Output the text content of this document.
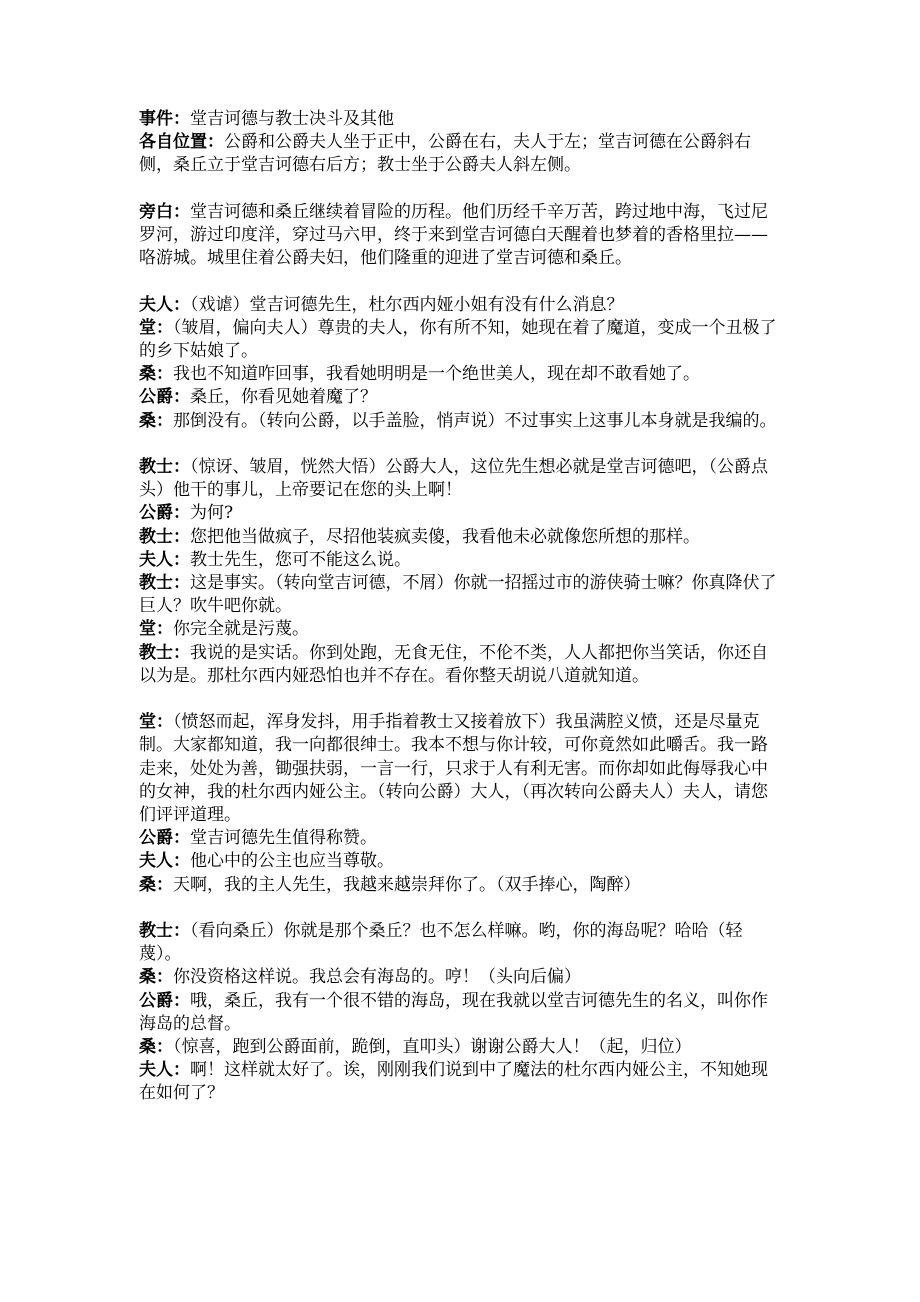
事件：堂吉诃德与教士决斗及其他

各自位置：公爵和公爵夫人坐于正中，公爵在右，夫人于左；堂吉诃德在公爵斜右侧，桑丘立于堂吉诃德右后方；教士坐于公爵夫人斜左侧。

旁白：堂吉诃德和桑丘继续着冒险的历程。他们历经千辛万苦，跨过地中海，飞过尼罗河，游过印度洋，穿过马六甲，终于来到堂吉诃德白天醒着也梦着的香格里拉——咯游城。城里住着公爵夫妇，他们隆重的迎进了堂吉诃德和桑丘。

夫人：（戏谑）堂吉诃德先生，杜尔西内娅小姐有没有什么消息？

堂：（皱眉，偏向夫人）尊贵的夫人，你有所不知，她现在着了魔道，变成一个丑极了的乡下姑娘了。

桑：我也不知道咋回事，我看她明明是一个绝世美人，现在却不敢看她了。

公爵：桑丘，你看见她着魔了？

桑：那倒没有。（转向公爵，以手盖脸，悄声说）不过事实上这事儿本身就是我编的。

教士：（惊讶、皱眉，恍然大悟）公爵大人，这位先生想必就是堂吉诃德吧，（公爵点头）他干的事儿，上帝要记在您的头上啊！

公爵：为何?

教士：您把他当做疯子，尽招他装疯卖傻，我看他未必就像您所想的那样。

夫人：教士先生，您可不能这么说。

教士：这是事实。（转向堂吉诃德，不屑）你就一招摇过市的游侠骑士嘛？你真降伏了巨人？吹牛吧你就。

堂：你完全就是污蔑。

教士：我说的是实话。你到处跑，无食无住，不伦不类，人人都把你当笑话，你还自以为是。那杜尔西内娅恐怕也并不存在。看你整天胡说八道就知道。

堂：（愤怒而起，浑身发抖，用手指着教士又接着放下）我虽满腔义愤，还是尽量克制。大家都知道，我一向都很绅士。我本不想与你计较，可你竟然如此嚼舌。我一路走来，处处为善，锄强扶弱，一言一行，只求于人有利无害。而你却如此侮辱我心中的女神，我的杜尔西内娅公主。（转向公爵）大人，（再次转向公爵夫人）夫人，请您们评评道理。

公爵：堂吉诃德先生值得称赞。

夫人：他心中的公主也应当尊敬。

桑：天啊，我的主人先生，我越来越崇拜你了。（双手捧心，陶醉）

教士：（看向桑丘）你就是那个桑丘？也不怎么样嘛。哟，你的海岛呢？哈哈（轻蔑）。

桑：你没资格这样说。我总会有海岛的。哼！（头向后偏）

公爵：哦，桑丘，我有一个很不错的海岛，现在我就以堂吉诃德先生的名义，叫你作海岛的总督。

桑：（惊喜，跑到公爵面前，跪倒，直叩头）谢谢公爵大人！（起，归位）

夫人：啊！这样就太好了。诶，刚刚我们说到中了魔法的杜尔西内娅公主，不知她现在如何了？
